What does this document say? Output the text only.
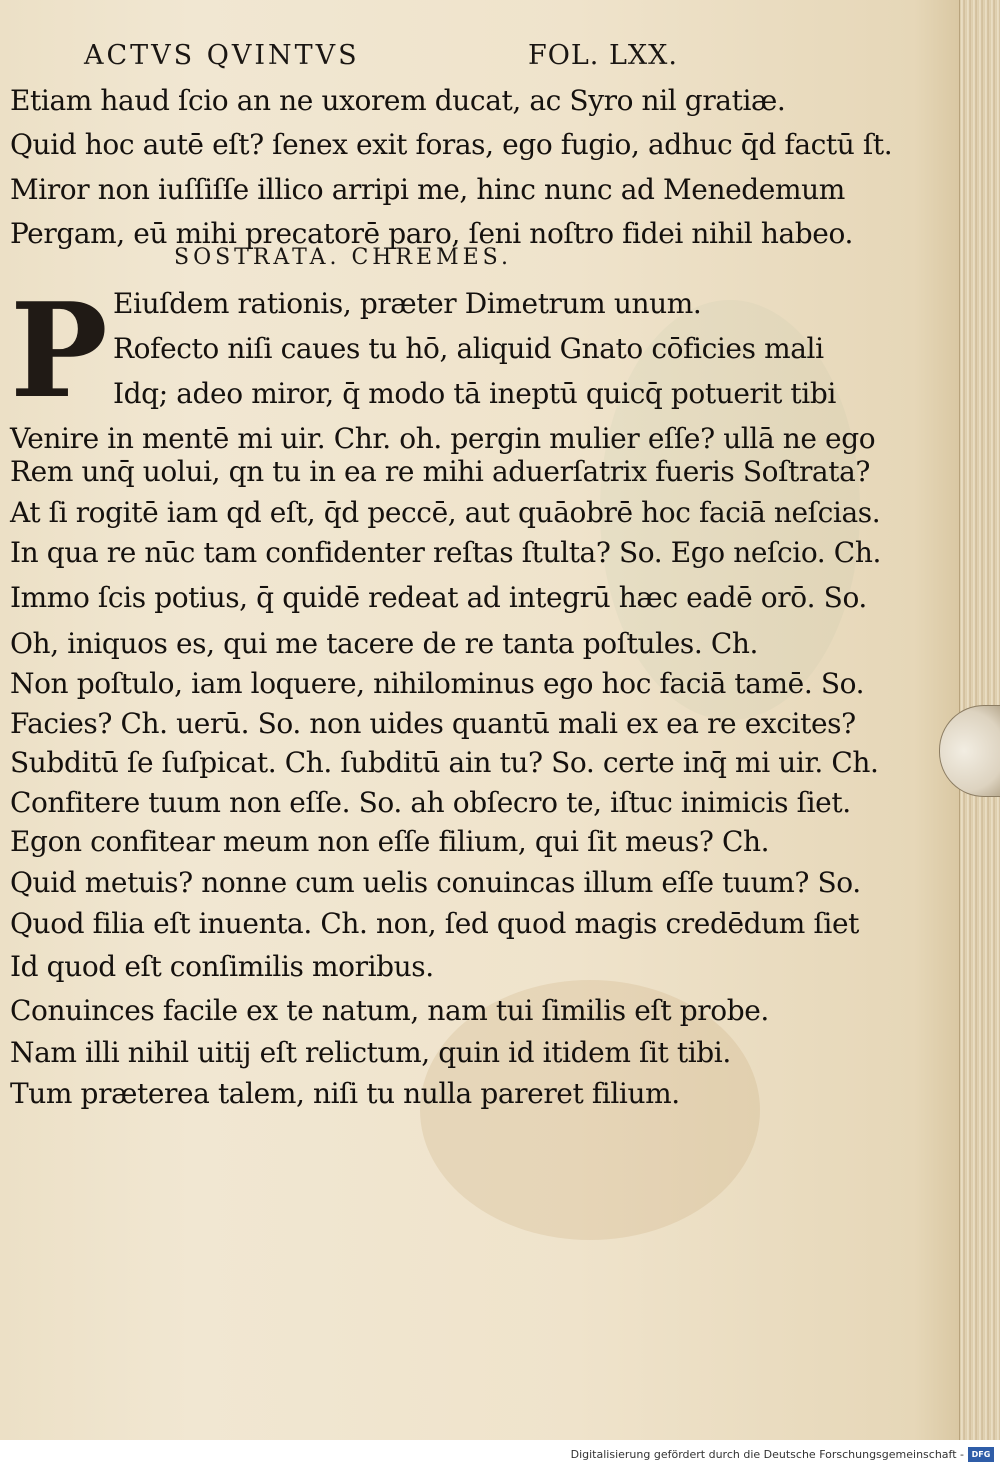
ACTVS QVINTVS	FOL. LXX.
Etiam haud ſcio an ne uxorem ducat, ac Syro nil gratiæ.
Quid hoc autē eſt? ſenex exit foras, ego fugio, adhuc q̄d factū ſt.
Miror non iuſſiſſe illico arripi me, hinc nunc ad Menedemum
Pergam, eū mihi precatorē paro, ſeni noſtro fidei nihil habeo.
SOSTRATA. CHREMES.
P Eiuſdem rationis, præter Dimetrum unum.
Rofecto niſi caues tu hō, aliquid Gnato cōficies mali
Idq; adeo miror, q̄ modo tā ineptū quicq̄ potuerit tibi
Venire in mentē mi uir. Chr. oh. pergin mulier eſſe? ullā ne ego
Rem unq̄ uolui, qn tu in ea re mihi aduerſatrix fueris Soſtrata?
At ſi rogitē iam qd eſt, q̄d peccē, aut quāobrē hoc faciā neſcias.
In qua re nūc tam confidenter reſtas ſtulta? So. Ego neſcio. Ch.
Immo ſcis potius, q̄ quidē redeat ad integrū hæc eadē orō. So.
Oh, iniquos es, qui me tacere de re tanta poſtules. Ch.
Non poſtulo, iam loquere, nihilominus ego hoc faciā tamē. So.
Facies? Ch. uerū. So. non uides quantū mali ex ea re excites?
Subditū ſe ſuſpicat. Ch. ſubditū ain tu? So. certe inq̄ mi uir. Ch.
Confitere tuum non eſſe. So. ah obſecro te, iſtuc inimicis ſiet.
Egon confitear meum non eſſe filium, qui ſit meus? Ch.
Quid metuis? nonne cum uelis conuincas illum eſſe tuum? So.
Quod filia eſt inuenta. Ch. non, ſed quod magis credēdum ſiet
Id quod eſt conſimilis moribus.
Conuinces facile ex te natum, nam tui ſimilis eſt probe.
Nam illi nihil uitij eſt relictum, quin id itidem ſit tibi.
Tum præterea talem, niſi tu nulla pareret filium.
Digitalisierung gefördert durch die Deutsche Forschungsgemeinschaft - DFG
